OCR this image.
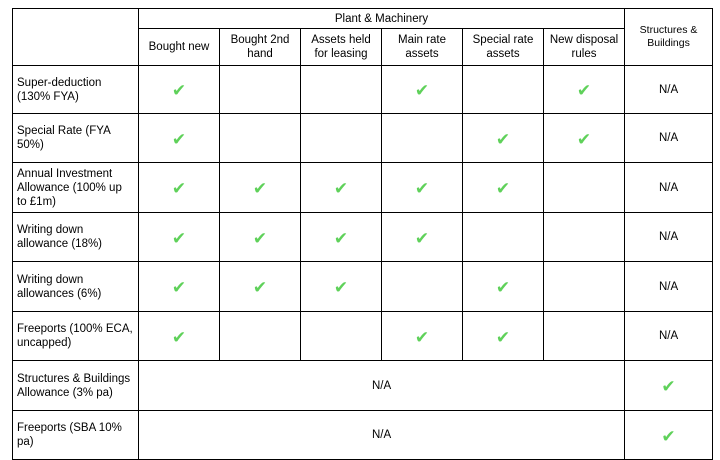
	Plant & Machinery						Structures & Buildings
	Bought new	Bought 2nd hand	Assets held for leasing	Main rate assets	Special rate assets	New disposal rules	
Super-deduction (130% FYA)	✔			✔		✔	N/A
Special Rate (FYA 50%)	✔				✔	✔	N/A
Annual Investment Allowance (100% up to £1m)	✔	✔	✔	✔	✔		N/A
Writing down allowance (18%)	✔	✔	✔	✔			N/A
Writing down allowances (6%)	✔	✔	✔		✔		N/A
Freeports (100% ECA, uncapped)	✔			✔	✔		N/A
Structures & Buildings Allowance (3% pa)	N/A						✔
Freeports (SBA 10% pa)	N/A						✔
